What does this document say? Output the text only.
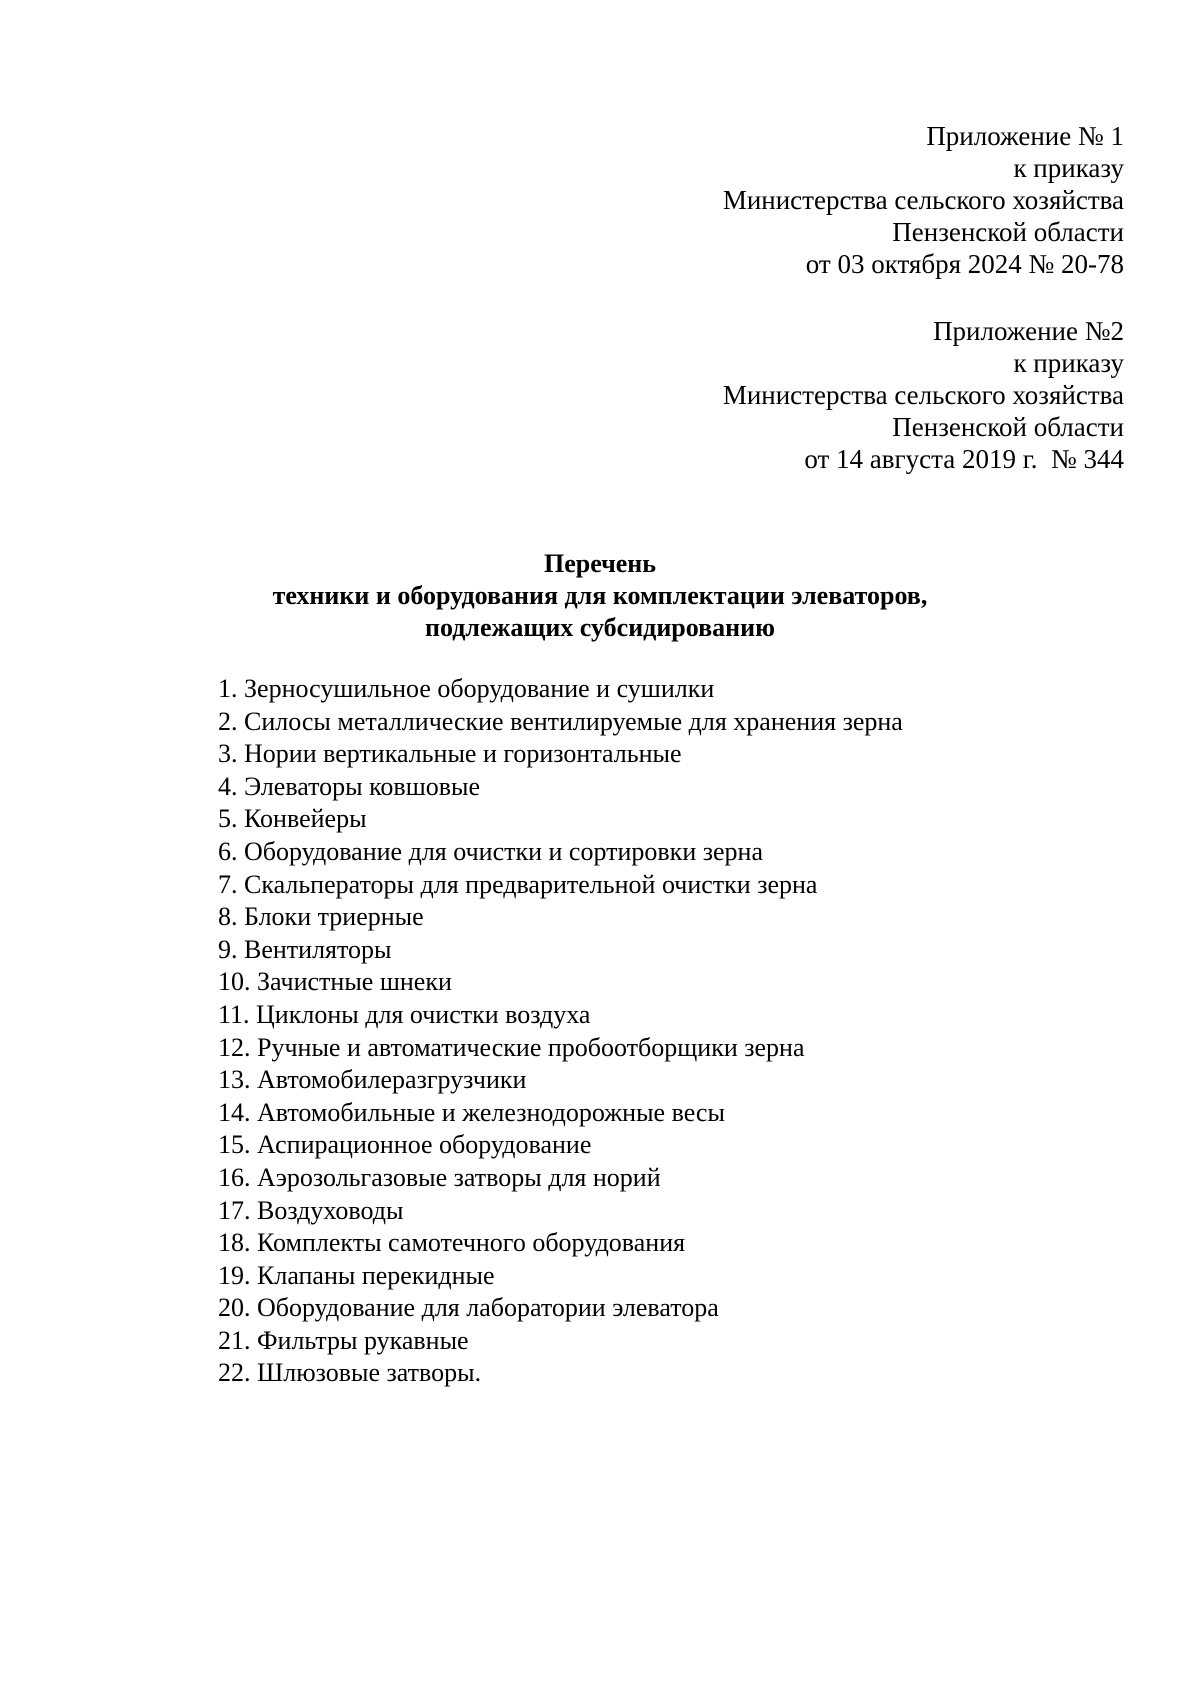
Приложение № 1
к приказу
Министерства сельского хозяйства
Пензенской области
от 03 октября 2024 № 20-78
Приложение №2
к приказу
Министерства сельского хозяйства
Пензенской области
от 14 августа 2019 г.  № 344
Перечень
техники и оборудования для комплектации элеваторов,
подлежащих субсидированию
1. Зерносушильное оборудование и сушилки
2. Силосы металлические вентилируемые для хранения зерна
3. Нории вертикальные и горизонтальные
4. Элеваторы ковшовые
5. Конвейеры
6. Оборудование для очистки и сортировки зерна
7. Скальператоры для предварительной очистки зерна
8. Блоки триерные
9. Вентиляторы
10. Зачистные шнеки
11. Циклоны для очистки воздуха
12. Ручные и автоматические пробоотборщики зерна
13. Автомобилеразгрузчики
14. Автомобильные и железнодорожные весы
15. Аспирационное оборудование
16. Аэрозольгазовые затворы для норий
17. Воздуховоды
18. Комплекты самотечного оборудования
19. Клапаны перекидные
20. Оборудование для лаборатории элеватора
21. Фильтры рукавные
22. Шлюзовые затворы.
